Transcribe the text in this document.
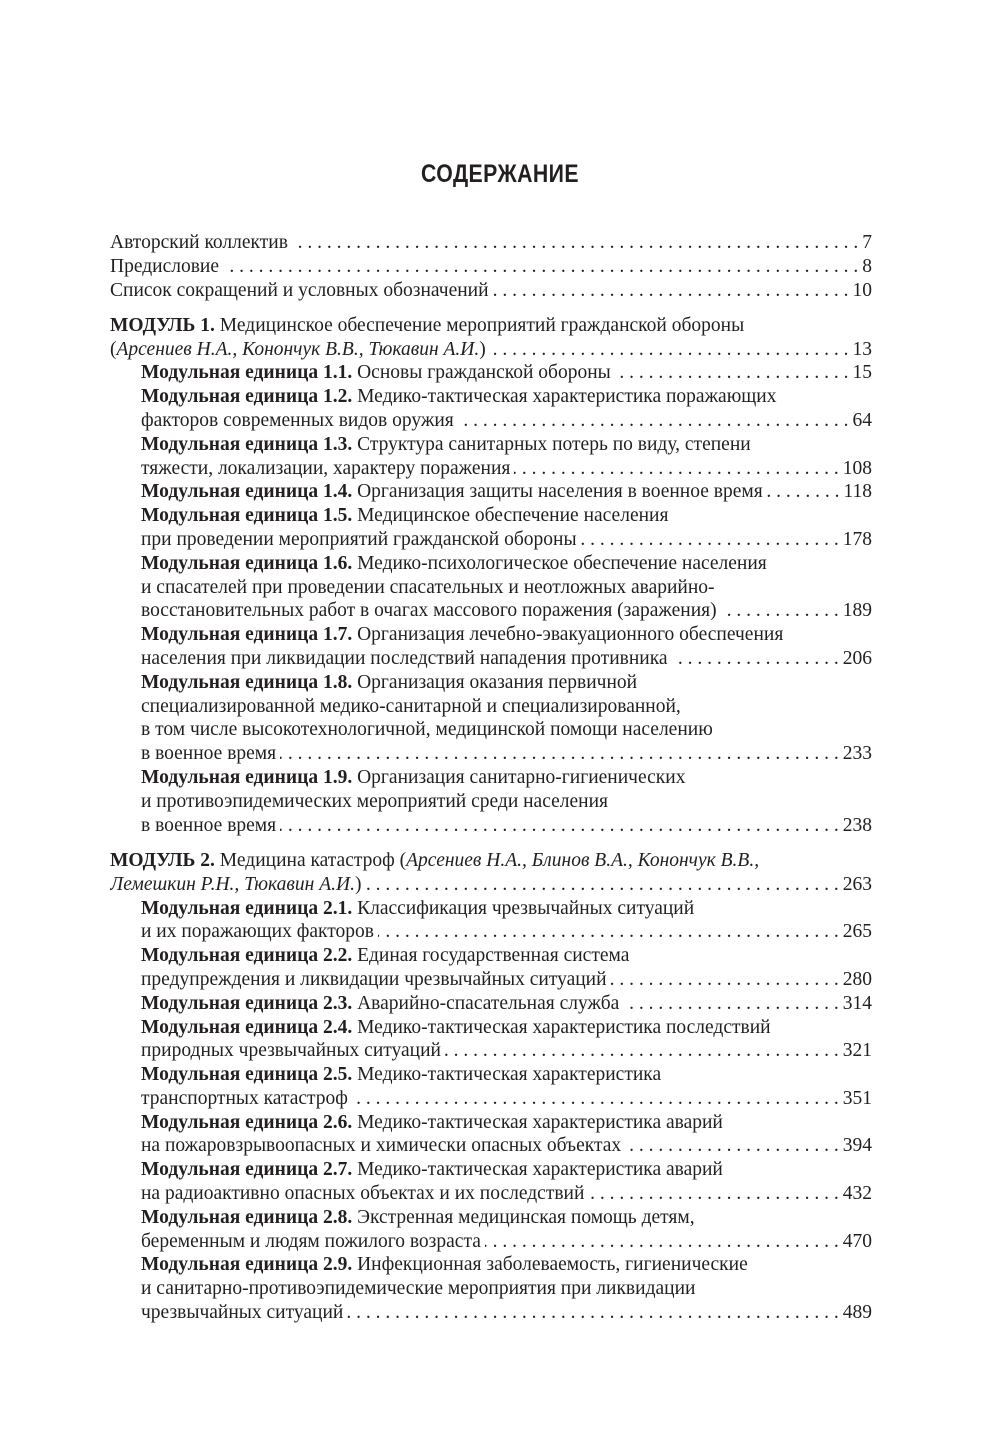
СОДЕРЖАНИЕ
Авторский коллектив . . .	7
Предисловие . . .	8
Список сокращений и условных обозначений . . .	10
МОДУЛЬ 1. Медицинское обеспечение мероприятий гражданской обороны
(Арсениев Н.А., Конончук В.В., Тюкавин А.И.) . . .	13
Модульная единица 1.1. Основы гражданской обороны . . .	15
Модульная единица 1.2. Медико-тактическая характеристика поражающих
факторов современных видов оружия . . .	64
Модульная единица 1.3. Структура санитарных потерь по виду, степени
тяжести, локализации, характеру поражения . . .	108
Модульная единица 1.4. Организация защиты населения в военное время . . .	118
Модульная единица 1.5. Медицинское обеспечение населения
при проведении мероприятий гражданской обороны . . .	178
Модульная единица 1.6. Медико-психологическое обеспечение населения
и спасателей при проведении спасательных и неотложных аварийно-
восстановительных работ в очагах массового поражения (заражения) . . .	189
Модульная единица 1.7. Организация лечебно-эвакуационного обеспечения
населения при ликвидации последствий нападения противника . . .	206
Модульная единица 1.8. Организация оказания первичной
специализированной медико-санитарной и специализированной,
в том числе высокотехнологичной, медицинской помощи населению
в военное время . . .	233
Модульная единица 1.9. Организация санитарно-гигиенических
и противоэпидемических мероприятий среди населения
в военное время . . .	238
МОДУЛЬ 2. Медицина катастроф (Арсениев Н.А., Блинов В.А., Конончук В.В.,
Лемешкин Р.Н., Тюкавин А.И.) . . .	263
Модульная единица 2.1. Классификация чрезвычайных ситуаций
и их поражающих факторов . . .	265
Модульная единица 2.2. Единая государственная система
предупреждения и ликвидации чрезвычайных ситуаций . . .	280
Модульная единица 2.3. Аварийно-спасательная служба . . .	314
Модульная единица 2.4. Медико-тактическая характеристика последствий
природных чрезвычайных ситуаций . . .	321
Модульная единица 2.5. Медико-тактическая характеристика
транспортных катастроф . . .	351
Модульная единица 2.6. Медико-тактическая характеристика аварий
на пожаровзрывоопасных и химически опасных объектах . . .	394
Модульная единица 2.7. Медико-тактическая характеристика аварий
на радиоактивно опасных объектах и их последствий . . .	432
Модульная единица 2.8. Экстренная медицинская помощь детям,
беременным и людям пожилого возраста . . .	470
Модульная единица 2.9. Инфекционная заболеваемость, гигиенические
и санитарно-противоэпидемические мероприятия при ликвидации
чрезвычайных ситуаций . . .	489
